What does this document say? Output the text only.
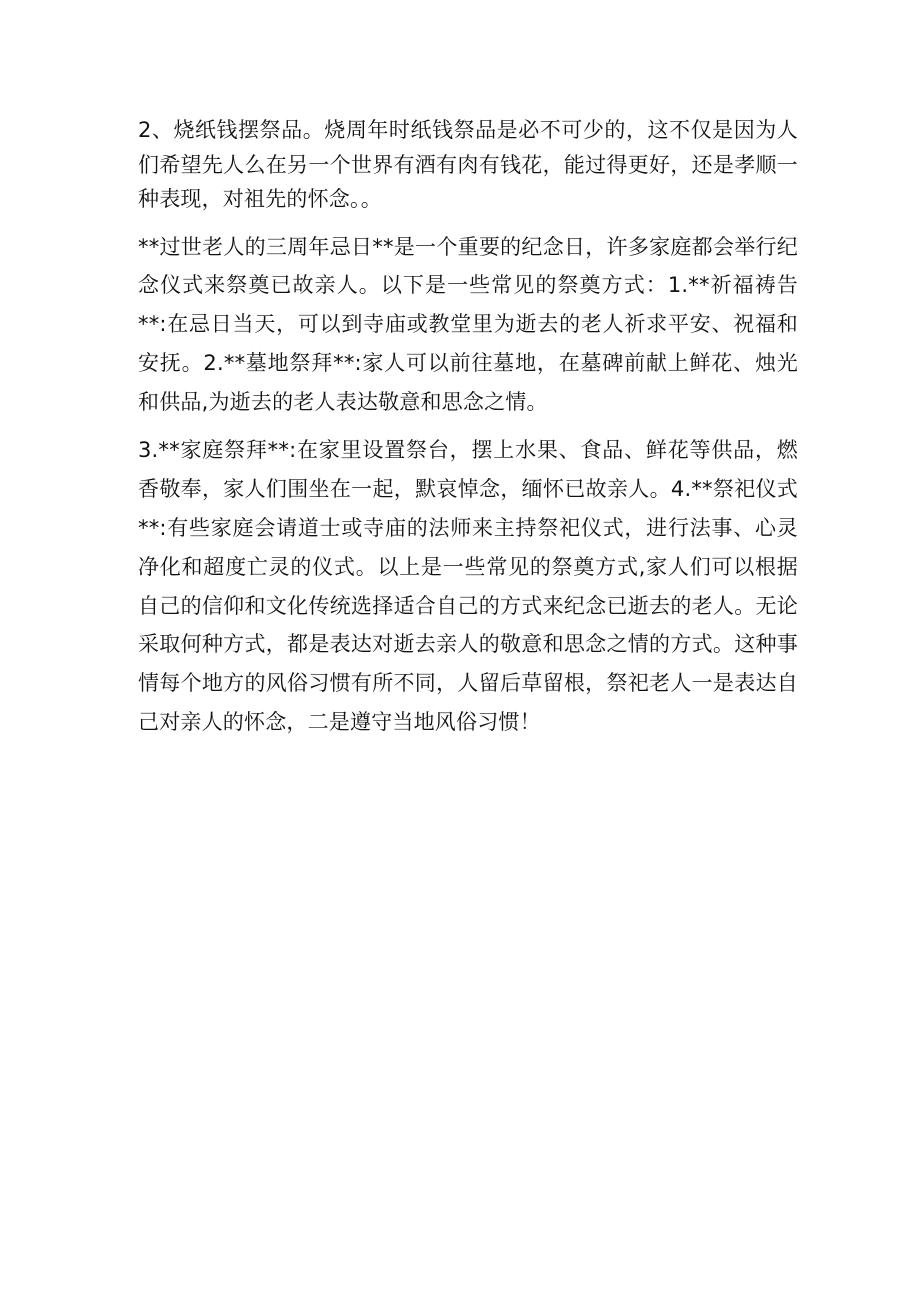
2、烧纸钱摆祭品。烧周年时纸钱祭品是必不可少的，这不仅是因为人们希望先人么在另一个世界有酒有肉有钱花，能过得更好，还是孝顺一种表现，对祖先的怀念。。

**过世老人的三周年忌日**是一个重要的纪念日，许多家庭都会举行纪念仪式来祭奠已故亲人。以下是一些常见的祭奠方式：1.**祈福祷告**:在忌日当天，可以到寺庙或教堂里为逝去的老人祈求平安、祝福和安抚。2.**墓地祭拜**:家人可以前往墓地，在墓碑前献上鲜花、烛光和供品,为逝去的老人表达敬意和思念之情。

3.**家庭祭拜**:在家里设置祭台，摆上水果、食品、鲜花等供品，燃香敬奉，家人们围坐在一起，默哀悼念，缅怀已故亲人。4.**祭祀仪式**:有些家庭会请道士或寺庙的法师来主持祭祀仪式，进行法事、心灵净化和超度亡灵的仪式。以上是一些常见的祭奠方式,家人们可以根据自己的信仰和文化传统选择适合自己的方式来纪念已逝去的老人。无论采取何种方式，都是表达对逝去亲人的敬意和思念之情的方式。这种事情每个地方的风俗习惯有所不同，人留后草留根，祭祀老人一是表达自己对亲人的怀念，二是遵守当地风俗习惯！
